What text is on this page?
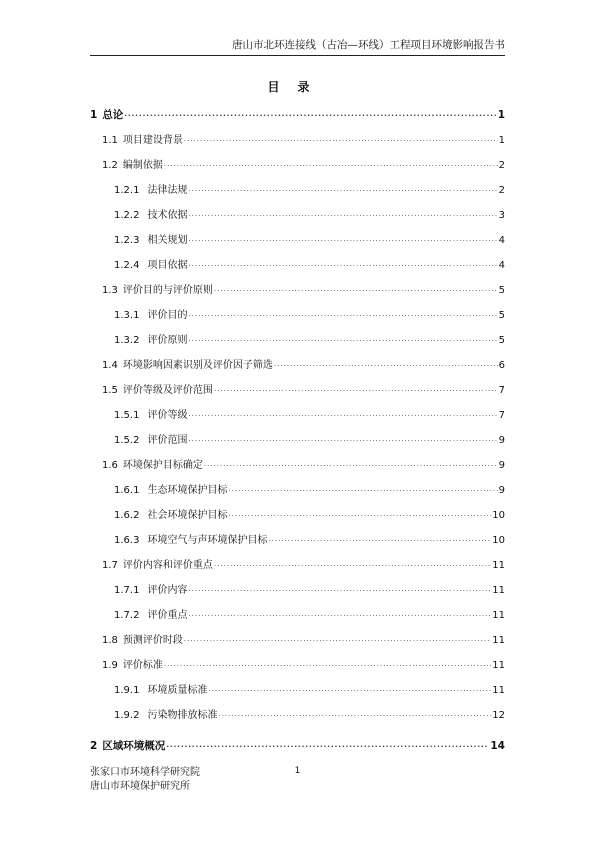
唐山市北环连接线（古冶—环线）工程项目环境影响报告书
目录
1 总论 ·····	1
1.1 项目建设背景 ·····	1
1.2 编制依据 ·····	2
1.2.1 法律法规 ·····	2
1.2.2 技术依据 ·····	3
1.2.3 相关规划 ·····	4
1.2.4 项目依据 ·····	4
1.3 评价目的与评价原则 ·····	5
1.3.1 评价目的 ·····	5
1.3.2 评价原则 ·····	5
1.4 环境影响因素识别及评价因子筛选 ·····	6
1.5 评价等级及评价范围 ·····	7
1.5.1 评价等级 ·····	7
1.5.2 评价范围 ·····	9
1.6 环境保护目标确定 ·····	9
1.6.1 生态环境保护目标 ·····	9
1.6.2 社会环境保护目标 ·····	10
1.6.3 环境空气与声环境保护目标 ·····	10
1.7 评价内容和评价重点 ·····	11
1.7.1 评价内容 ·····	11
1.7.2 评价重点 ·····	11
1.8 预测评价时段 ·····	11
1.9 评价标准 ·····	11
1.9.1 环境质量标准 ·····	11
1.9.2 污染物排放标准 ·····	12
2 区域环境概况 ·····	14
张家口市环境科学研究院
唐山市环境保护研究所
1
